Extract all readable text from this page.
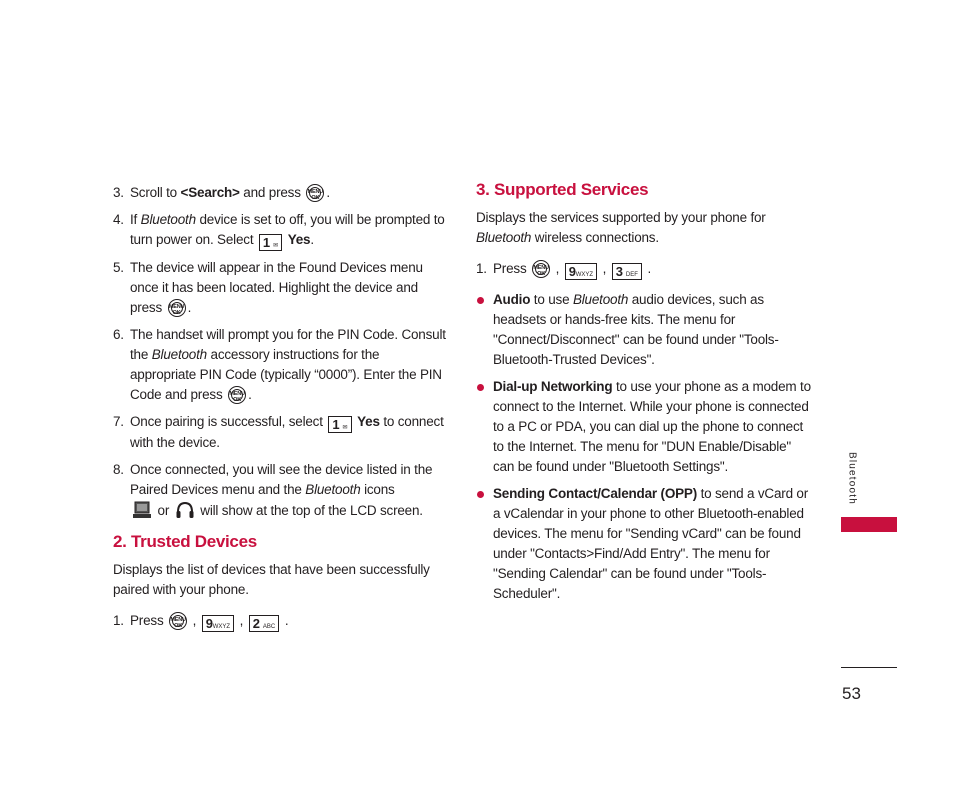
3. Scroll to <Search> and press MENU OK .
4. If Bluetooth device is set to off, you will be prompted to turn power on. Select 1 ✉ Yes.
5. The device will appear in the Found Devices menu once it has been located. Highlight the device and press MENU OK .
6. The handset will prompt you for the PIN Code. Consult the Bluetooth accessory instructions for the appropriate PIN Code (typically “0000”). Enter the PIN Code and press MENU OK .
7. Once pairing is successful, select 1 ✉ Yes to connect with the device.
8. Once connected, you will see the device listed in the Paired Devices menu and the Bluetooth icons
or  will show at the top of the LCD screen.
2. Trusted Devices
Displays the list of devices that have been successfully paired with your phone.
1. Press MENU OK , 9WXYZ , 2 ABC .
3. Supported Services
Displays the services supported by your phone for Bluetooth wireless connections.
1. Press MENU OK , 9WXYZ , 3 DEF .
Audio to use Bluetooth audio devices, such as headsets or hands-free kits. The menu for "Connect/Disconnect" can be found under "Tools-Bluetooth-Trusted Devices".
Dial-up Networking to use your phone as a modem to connect to the Internet. While your phone is connected to a PC or PDA, you can dial up the phone to connect to the Internet. The menu for "DUN Enable/Disable" can be found under "Bluetooth Settings".
Sending Contact/Calendar (OPP) to send a vCard or a vCalendar in your phone to other Bluetooth-enabled devices. The menu for "Sending vCard" can be found under "Contacts>Find/Add Entry". The menu for "Sending Calendar" can be found under "Tools-Scheduler".
Bluetooth
53
